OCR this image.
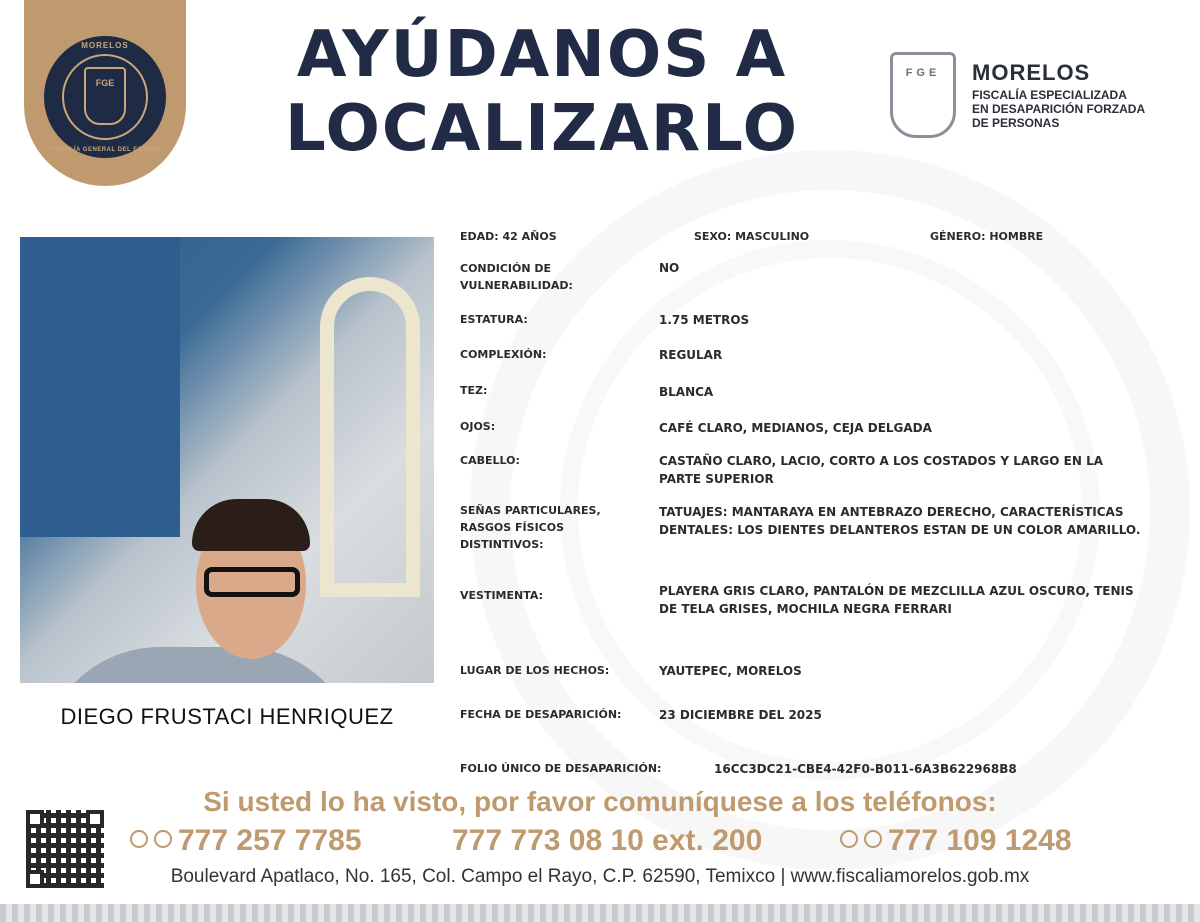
MORELOS
FGE
FISCALÍA GENERAL DEL ESTADO
AYÚDANOS A
LOCALIZARLO
FGE	MORELOS
FISCALÍA ESPECIALIZADA
EN DESAPARICIÓN FORZADA
DE PERSONAS
DIEGO FRUSTACI HENRIQUEZ
EDAD: 42 AÑOS	SEXO: MASCULINO	GÉNERO: HOMBRE
CONDICIÓN DE
VULNERABILIDAD:
NO
ESTATURA:	1.75 METROS
COMPLEXIÓN:	REGULAR
TEZ:	BLANCA
OJOS:	CAFÉ CLARO, MEDIANOS, CEJA DELGADA
CABELLO:	CASTAÑO CLARO, LACIO, CORTO A LOS COSTADOS Y LARGO EN LA
PARTE SUPERIOR
SEÑAS PARTICULARES,
RASGOS FÍSICOS
DISTINTIVOS:
TATUAJES: MANTARAYA EN ANTEBRAZO DERECHO, CARACTERÍSTICAS
DENTALES: LOS DIENTES DELANTEROS ESTAN DE UN COLOR AMARILLO.
VESTIMENTA:	PLAYERA GRIS CLARO, PANTALÓN DE MEZCLILLA AZUL OSCURO, TENIS
DE TELA GRISES, MOCHILA NEGRA FERRARI
LUGAR DE LOS HECHOS:	YAUTEPEC, MORELOS
FECHA DE DESAPARICIÓN:	23 DICIEMBRE DEL 2025
FOLIO ÚNICO DE DESAPARICIÓN:	16CC3DC21-CBE4-42F0-B011-6A3B622968B8
Si usted lo ha visto, por favor comuníquese a los teléfonos:
777 257 7785	777 773 08 10 ext. 200	777 109 1248
Boulevard Apatlaco, No. 165, Col. Campo el Rayo, C.P. 62590, Temixco | www.fiscaliamorelos.gob.mx
